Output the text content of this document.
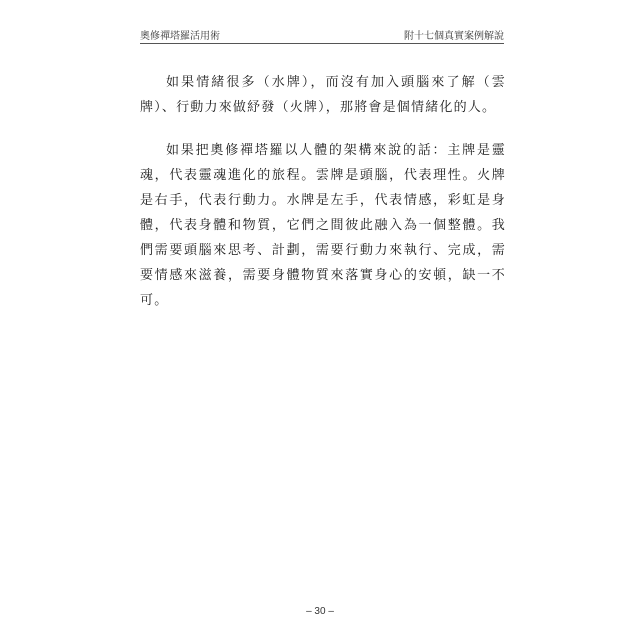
奧修禪塔羅活用術	附十七個真實案例解說

如果情緒很多（水牌），而沒有加入頭腦來了解（雲牌）、行動力來做紓發（火牌），那將會是個情緒化的人。

如果把奧修禪塔羅以人體的架構來說的話：主牌是靈魂，代表靈魂進化的旅程。雲牌是頭腦，代表理性。火牌是右手，代表行動力。水牌是左手，代表情感，彩虹是身體，代表身體和物質，它們之間彼此融入為一個整體。我們需要頭腦來思考、計劃，需要行動力來執行、完成，需要情感來滋養，需要身體物質來落實身心的安頓，缺一不可。

– 30 –
